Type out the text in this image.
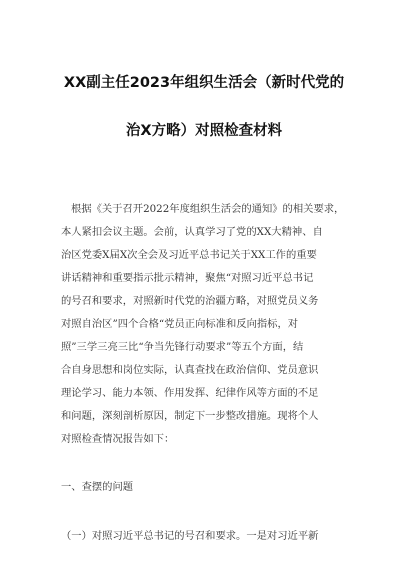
XX副主任2023年组织生活会（新时代党的
治X方略）对照检查材料
根据《关于召开2022年度组织生活会的通知》的相关要求，
本人紧扣会议主题。会前，认真学习了党的XX大精神、自
治区党委X届X次全会及习近平总书记关于XX工作的重要
讲话精神和重要指示批示精神，聚焦“对照习近平总书记
的号召和要求，对照新时代党的治疆方略，对照党员义务
对照自治区”四个合格“党员正向标准和反向指标，对
照”三学三亮三比“争当先锋行动要求”等五个方面，结
合自身思想和岗位实际，认真查找在政治信仰、党员意识
理论学习、能力本领、作用发挥、纪律作风等方面的不足
和问题，深刻剖析原因，制定下一步整改措施。现将个人
对照检查情况报告如下：
一、查摆的问题
（一）对照习近平总书记的号召和要求。一是对习近平新
